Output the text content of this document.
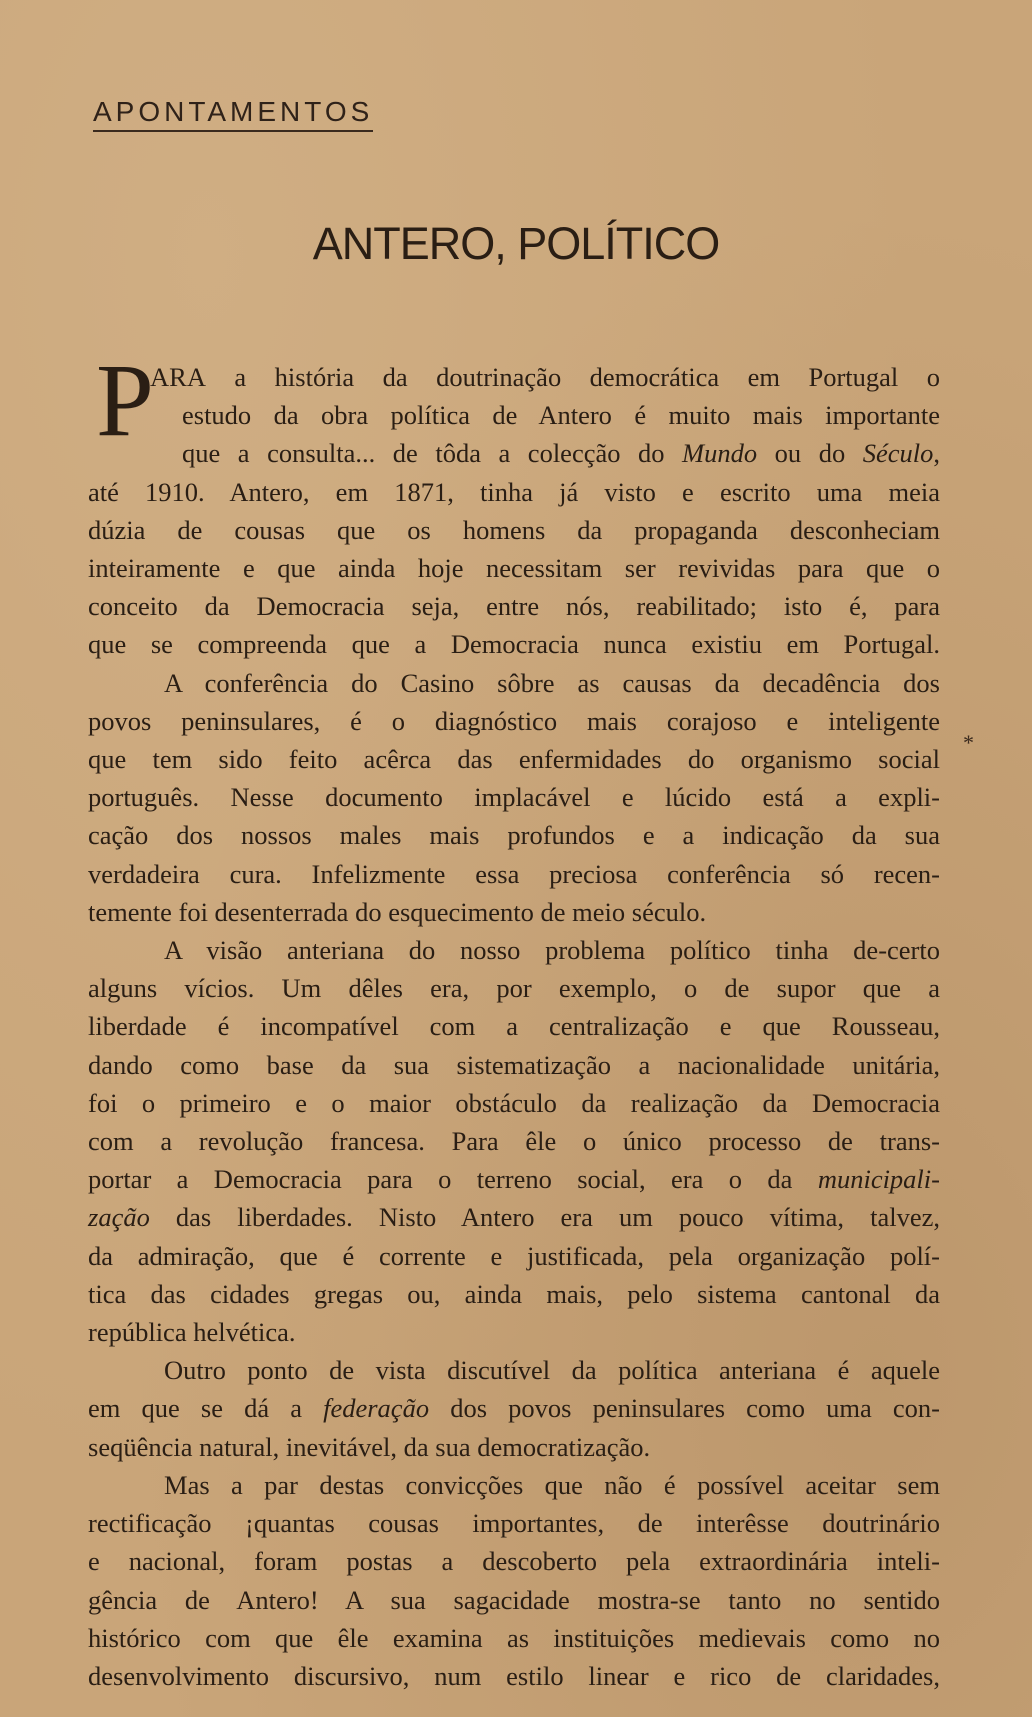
APONTAMENTOS
ANTERO, POLÍTICO
P
ARA a história da doutrinação democrática em Portugal o
estudo da obra política de Antero é muito mais importante
que a consulta... de tôda a colecção do Mundo ou do Século,
até 1910. Antero, em 1871, tinha já visto e escrito uma meia
dúzia de cousas que os homens da propaganda desconheciam
inteiramente e que ainda hoje necessitam ser revividas para que o
conceito da Democracia seja, entre nós, reabilitado; isto é, para
que se compreenda que a Democracia nunca existiu em Portugal.
A conferência do Casino sôbre as causas da decadência dos
povos peninsulares, é o diagnóstico mais corajoso e inteligente
que tem sido feito acêrca das enfermidades do organismo social
português. Nesse documento implacável e lúcido está a expli-
cação dos nossos males mais profundos e a indicação da sua
verdadeira cura. Infelizmente essa preciosa conferência só recen-
temente foi desenterrada do esquecimento de meio século.
A visão anteriana do nosso problema político tinha de-certo
alguns vícios. Um dêles era, por exemplo, o de supor que a
liberdade é incompatível com a centralização e que Rousseau,
dando como base da sua sistematização a nacionalidade unitária,
foi o primeiro e o maior obstáculo da realização da Democracia
com a revolução francesa. Para êle o único processo de trans-
portar a Democracia para o terreno social, era o da municipali-
zação das liberdades. Nisto Antero era um pouco vítima, talvez,
da admiração, que é corrente e justificada, pela organização polí-
tica das cidades gregas ou, ainda mais, pelo sistema cantonal da
república helvética.
Outro ponto de vista discutível da política anteriana é aquele
em que se dá a federação dos povos peninsulares como uma con-
seqüência natural, inevitável, da sua democratização.
Mas a par destas convicções que não é possível aceitar sem
rectificação ¡quantas cousas importantes, de interêsse doutrinário
e nacional, foram postas a descoberto pela extraordinária inteli-
gência de Antero! A sua sagacidade mostra-se tanto no sentido
histórico com que êle examina as instituições medievais como no
desenvolvimento discursivo, num estilo linear e rico de claridades,
*
